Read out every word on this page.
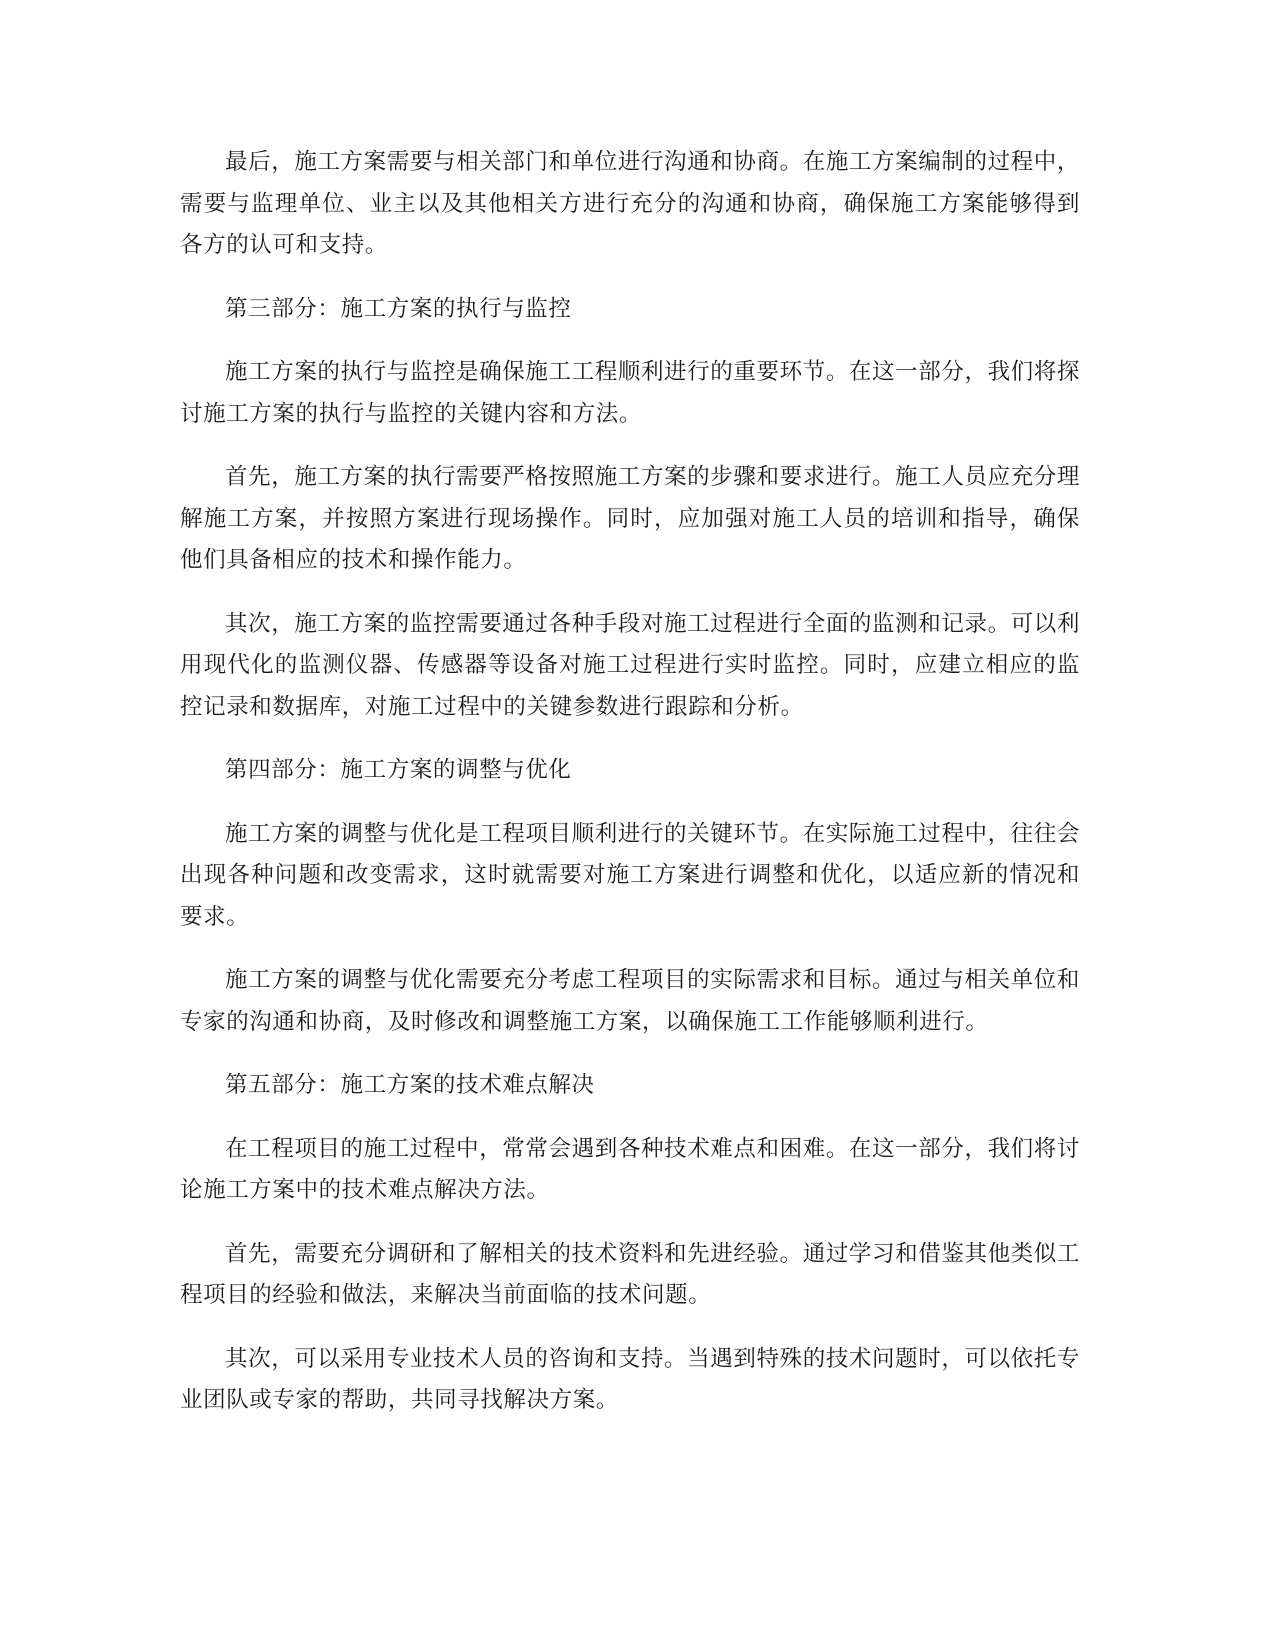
最后，施工方案需要与相关部门和单位进行沟通和协商。在施工方案编制的过程中，需要与监理单位、业主以及其他相关方进行充分的沟通和协商，确保施工方案能够得到各方的认可和支持。

第三部分：施工方案的执行与监控

施工方案的执行与监控是确保施工工程顺利进行的重要环节。在这一部分，我们将探讨施工方案的执行与监控的关键内容和方法。

首先，施工方案的执行需要严格按照施工方案的步骤和要求进行。施工人员应充分理解施工方案，并按照方案进行现场操作。同时，应加强对施工人员的培训和指导，确保他们具备相应的技术和操作能力。

其次，施工方案的监控需要通过各种手段对施工过程进行全面的监测和记录。可以利用现代化的监测仪器、传感器等设备对施工过程进行实时监控。同时，应建立相应的监控记录和数据库，对施工过程中的关键参数进行跟踪和分析。

第四部分：施工方案的调整与优化

施工方案的调整与优化是工程项目顺利进行的关键环节。在实际施工过程中，往往会出现各种问题和改变需求，这时就需要对施工方案进行调整和优化，以适应新的情况和要求。

施工方案的调整与优化需要充分考虑工程项目的实际需求和目标。通过与相关单位和专家的沟通和协商，及时修改和调整施工方案，以确保施工工作能够顺利进行。

第五部分：施工方案的技术难点解决

在工程项目的施工过程中，常常会遇到各种技术难点和困难。在这一部分，我们将讨论施工方案中的技术难点解决方法。

首先，需要充分调研和了解相关的技术资料和先进经验。通过学习和借鉴其他类似工程项目的经验和做法，来解决当前面临的技术问题。

其次，可以采用专业技术人员的咨询和支持。当遇到特殊的技术问题时，可以依托专业团队或专家的帮助，共同寻找解决方案。
